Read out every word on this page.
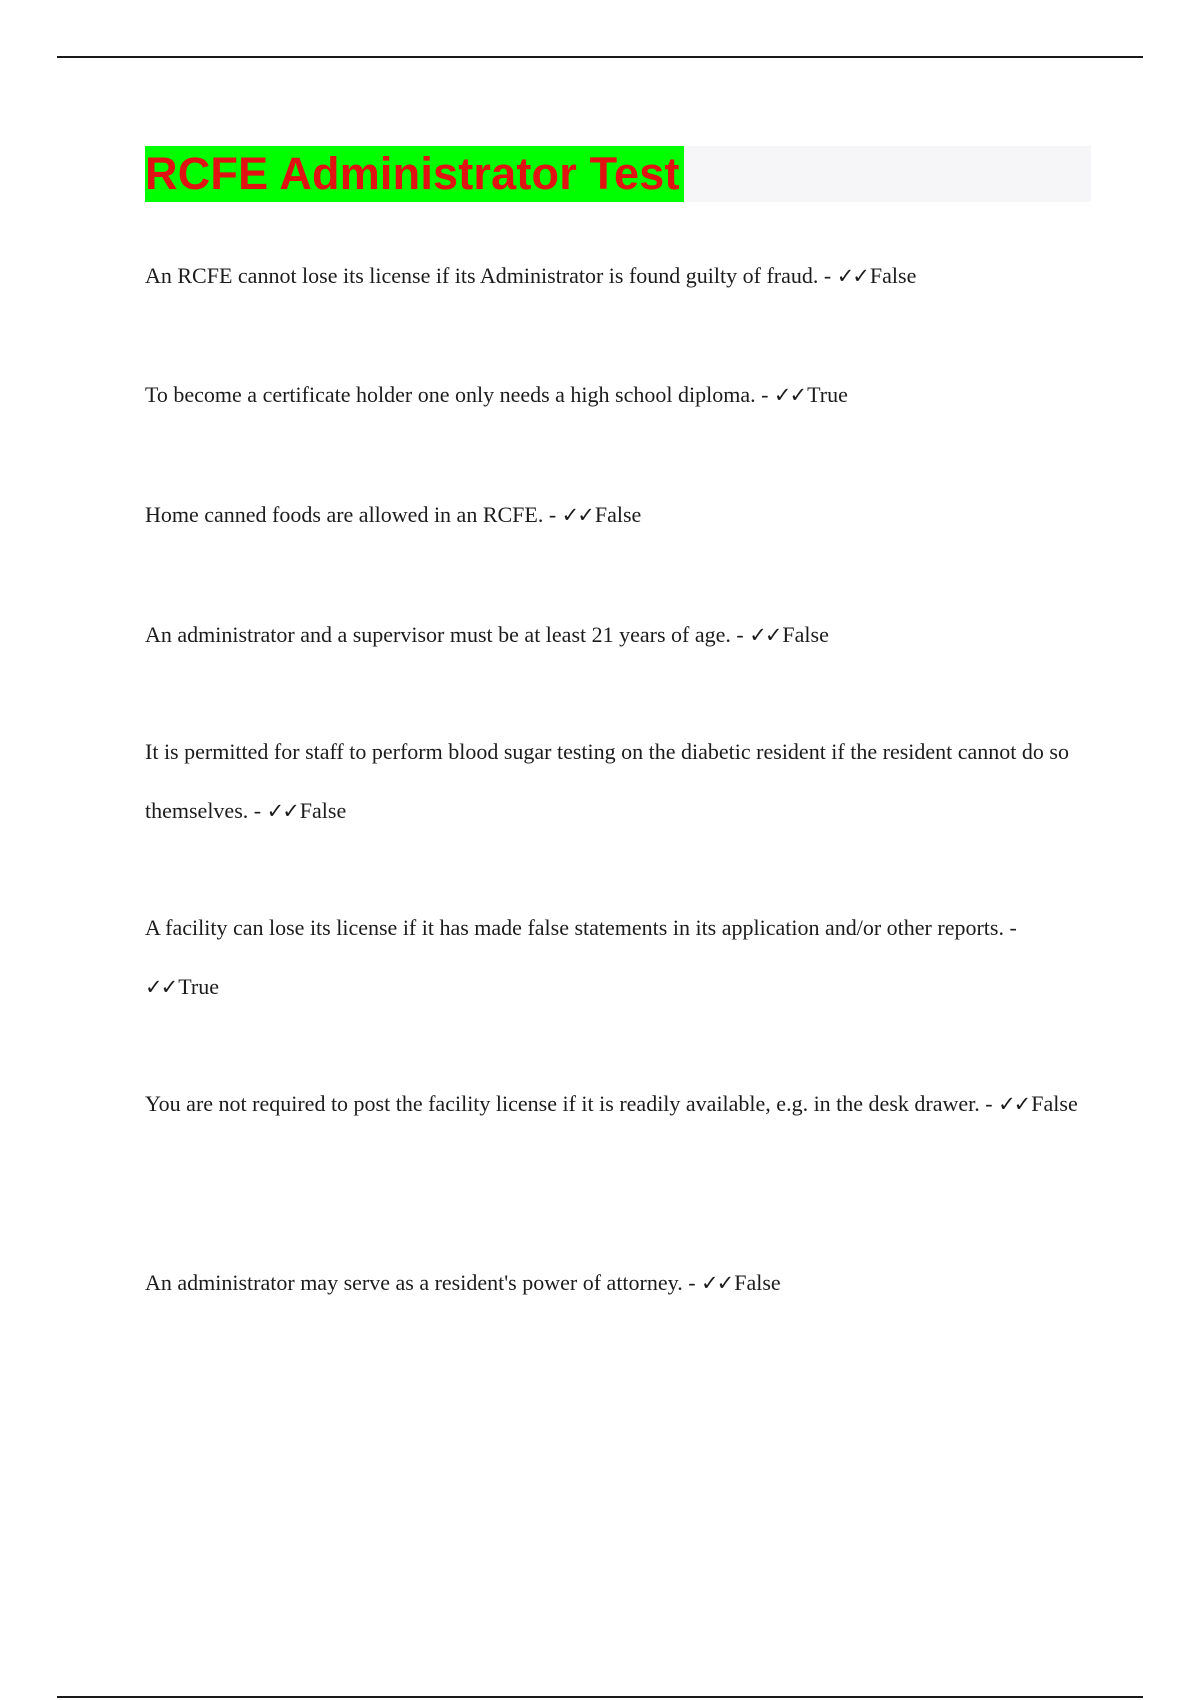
RCFE Administrator Test
An RCFE cannot lose its license if its Administrator is found guilty of fraud. - ✓✓False
To become a certificate holder one only needs a high school diploma. - ✓✓True
Home canned foods are allowed in an RCFE. - ✓✓False
An administrator and a supervisor must be at least 21 years of age. - ✓✓False
It is permitted for staff to perform blood sugar testing on the diabetic resident if the resident cannot do so themselves. - ✓✓False
A facility can lose its license if it has made false statements in its application and/or other reports. - ✓✓True
You are not required to post the facility license if it is readily available, e.g. in the desk drawer. - ✓✓False
An administrator may serve as a resident's power of attorney. - ✓✓False
